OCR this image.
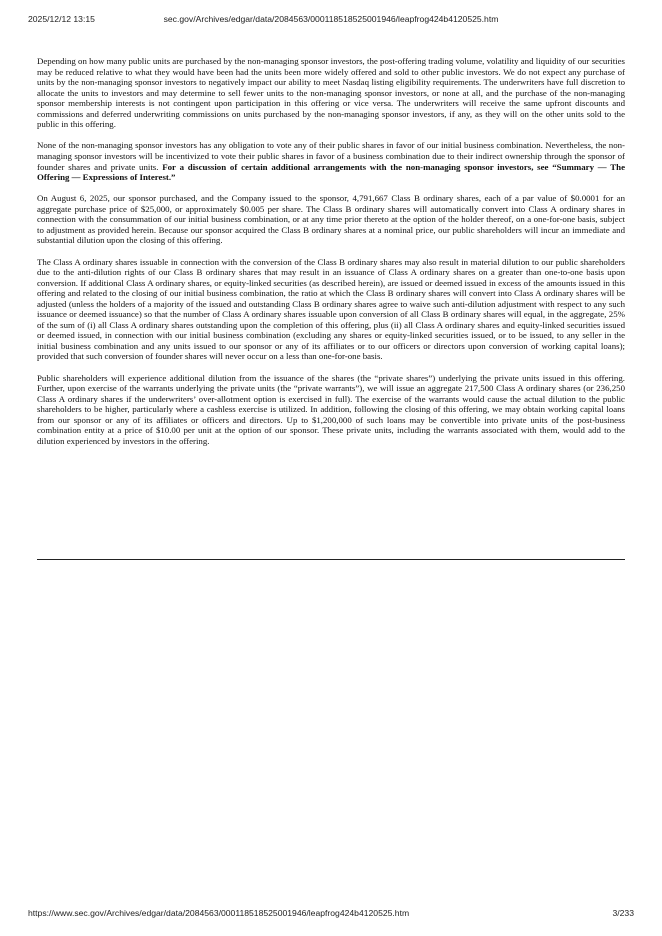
2025/12/12 13:15	sec.gov/Archives/edgar/data/2084563/000118518525001946/leapfrog424b4120525.htm

Depending on how many public units are purchased by the non-managing sponsor investors, the post-offering trading volume, volatility and liquidity of our securities may be reduced relative to what they would have been had the units been more widely offered and sold to other public investors. We do not expect any purchase of units by the non-managing sponsor investors to negatively impact our ability to meet Nasdaq listing eligibility requirements. The underwriters have full discretion to allocate the units to investors and may determine to sell fewer units to the non-managing sponsor investors, or none at all, and the purchase of the non-managing sponsor membership interests is not contingent upon participation in this offering or vice versa. The underwriters will receive the same upfront discounts and commissions and deferred underwriting commissions on units purchased by the non-managing sponsor investors, if any, as they will on the other units sold to the public in this offering.

None of the non-managing sponsor investors has any obligation to vote any of their public shares in favor of our initial business combination. Nevertheless, the non-managing sponsor investors will be incentivized to vote their public shares in favor of a business combination due to their indirect ownership through the sponsor of founder shares and private units. For a discussion of certain additional arrangements with the non-managing sponsor investors, see “Summary — The Offering — Expressions of Interest.”

On August 6, 2025, our sponsor purchased, and the Company issued to the sponsor, 4,791,667 Class B ordinary shares, each of a par value of $0.0001 for an aggregate purchase price of $25,000, or approximately $0.005 per share. The Class B ordinary shares will automatically convert into Class A ordinary shares in connection with the consummation of our initial business combination, or at any time prior thereto at the option of the holder thereof, on a one-for-one basis, subject to adjustment as provided herein. Because our sponsor acquired the Class B ordinary shares at a nominal price, our public shareholders will incur an immediate and substantial dilution upon the closing of this offering.

The Class A ordinary shares issuable in connection with the conversion of the Class B ordinary shares may also result in material dilution to our public shareholders due to the anti-dilution rights of our Class B ordinary shares that may result in an issuance of Class A ordinary shares on a greater than one-to-one basis upon conversion. If additional Class A ordinary shares, or equity-linked securities (as described herein), are issued or deemed issued in excess of the amounts issued in this offering and related to the closing of our initial business combination, the ratio at which the Class B ordinary shares will convert into Class A ordinary shares will be adjusted (unless the holders of a majority of the issued and outstanding Class B ordinary shares agree to waive such anti-dilution adjustment with respect to any such issuance or deemed issuance) so that the number of Class A ordinary shares issuable upon conversion of all Class B ordinary shares will equal, in the aggregate, 25% of the sum of (i) all Class A ordinary shares outstanding upon the completion of this offering, plus (ii) all Class A ordinary shares and equity-linked securities issued or deemed issued, in connection with our initial business combination (excluding any shares or equity-linked securities issued, or to be issued, to any seller in the initial business combination and any units issued to our sponsor or any of its affiliates or to our officers or directors upon conversion of working capital loans); provided that such conversion of founder shares will never occur on a less than one-for-one basis.

Public shareholders will experience additional dilution from the issuance of the shares (the “private shares”) underlying the private units issued in this offering. Further, upon exercise of the warrants underlying the private units (the “private warrants”), we will issue an aggregate 217,500 Class A ordinary shares (or 236,250 Class A ordinary shares if the underwriters’ over-allotment option is exercised in full). The exercise of the warrants would cause the actual dilution to the public shareholders to be higher, particularly where a cashless exercise is utilized. In addition, following the closing of this offering, we may obtain working capital loans from our sponsor or any of its affiliates or officers and directors. Up to $1,200,000 of such loans may be convertible into private units of the post-business combination entity at a price of $10.00 per unit at the option of our sponsor. These private units, including the warrants associated with them, would add to the dilution experienced by investors in the offering.

https://www.sec.gov/Archives/edgar/data/2084563/000118518525001946/leapfrog424b4120525.htm	3/233
